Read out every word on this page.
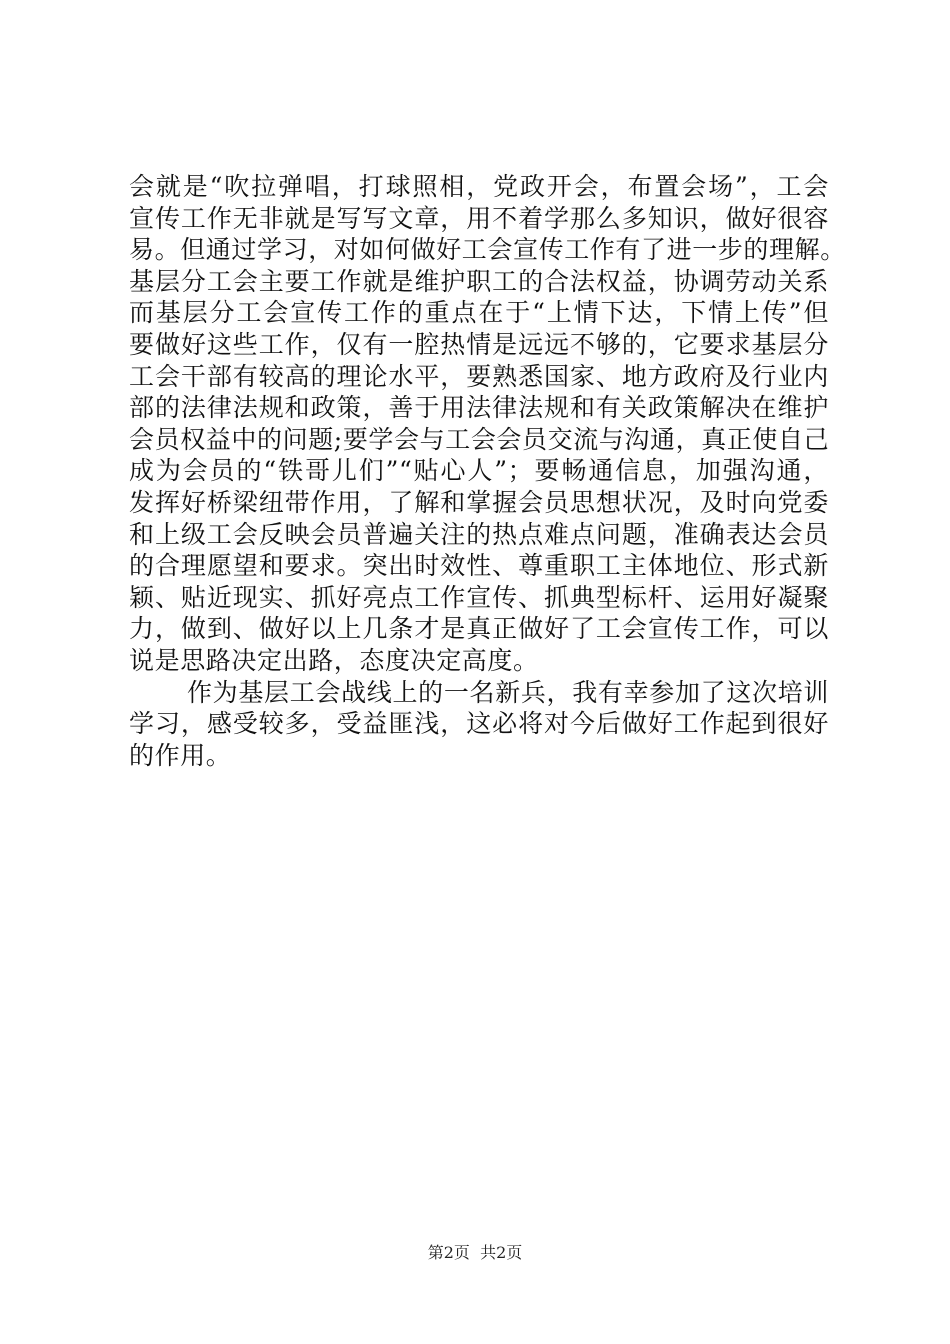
会就是“吹拉弹唱，打球照相，党政开会，布置会场”，工会
宣传工作无非就是写写文章，用不着学那么多知识，做好很容
易。但通过学习，对如何做好工会宣传工作有了进一步的理解。
基层分工会主要工作就是维护职工的合法权益，协调劳动关系
而基层分工会宣传工作的重点在于“上情下达，下情上传”但
要做好这些工作，仅有一腔热情是远远不够的，它要求基层分
工会干部有较高的理论水平，要熟悉国家、地方政府及行业内
部的法律法规和政策，善于用法律法规和有关政策解决在维护
会员权益中的问题;要学会与工会会员交流与沟通，真正使自己
成为会员的“铁哥儿们”“贴心人”；要畅通信息，加强沟通，
发挥好桥梁纽带作用，了解和掌握会员思想状况，及时向党委
和上级工会反映会员普遍关注的热点难点问题，准确表达会员
的合理愿望和要求。突出时效性、尊重职工主体地位、形式新
颖、贴近现实、抓好亮点工作宣传、抓典型标杆、运用好凝聚
力，做到、做好以上几条才是真正做好了工会宣传工作，可以
说是思路决定出路，态度决定高度。

作为基层工会战线上的一名新兵，我有幸参加了这次培训
学习，感受较多，受益匪浅，这必将对今后做好工作起到很好
的作用。

第2页  共2页
